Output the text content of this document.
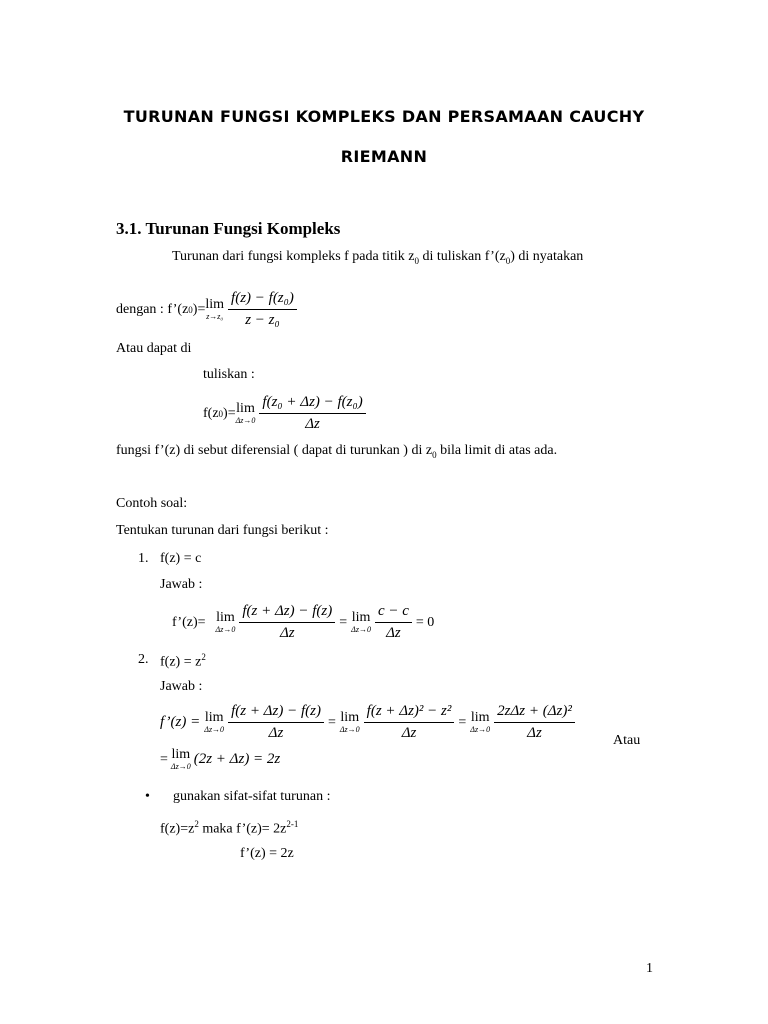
TURUNAN FUNGSI KOMPLEKS DAN PERSAMAAN CAUCHY
RIEMANN
3.1. Turunan Fungsi Kompleks
Turunan dari fungsi kompleks f pada titik $z_0$ di tuliskan $f’(z_0)$ di nyatakan
dengan : f’(z 0 )= lim
$z\to z_0 \frac{\text{f(z) − f(z₀)}}{\text{z − z₀}}$
Atau dapat di
tuliskan :
f(z 0 )= lim
$\Delta z\to 0 \frac{\text{f(z₀ + Δz) − f(z₀)}}{\Delta z}$
fungsi f’(z) di sebut diferensial ( dapat di turunkan ) di $z_0$ bila limit di atas ada.
Contoh soal:
Tentukan turunan dari fungsi berikut :
1. f(z) = c
Jawab :
f’(z)= lim
$\Delta z\to 0 \frac{f(z + \Delta z) - f(z)}{\Delta z} = \lim$
$\Delta z\to 0 \frac{c - c}{\Delta z} = 0$
2. $f(z) = z^2$
Jawab :
f’(z) = lim
$\Delta z\to 0 \frac{f(z + \Delta z) - f(z)}{\Delta z} = \lim$
$\Delta z\to 0 \frac{\text{f(z + Δz)² − z²}}{\Delta z} = \lim$
$\Delta z\to 0 \frac{\text{2zΔz + (Δz)²}}{\Delta z}$	Atau
= lim
Δz→0 (2z + Δz) = 2z
• gunakan sifat-sifat turunan :
$f(z)=z^2$ maka f’(z)= $2z^{2-1}$
f’(z) = 2z
1
